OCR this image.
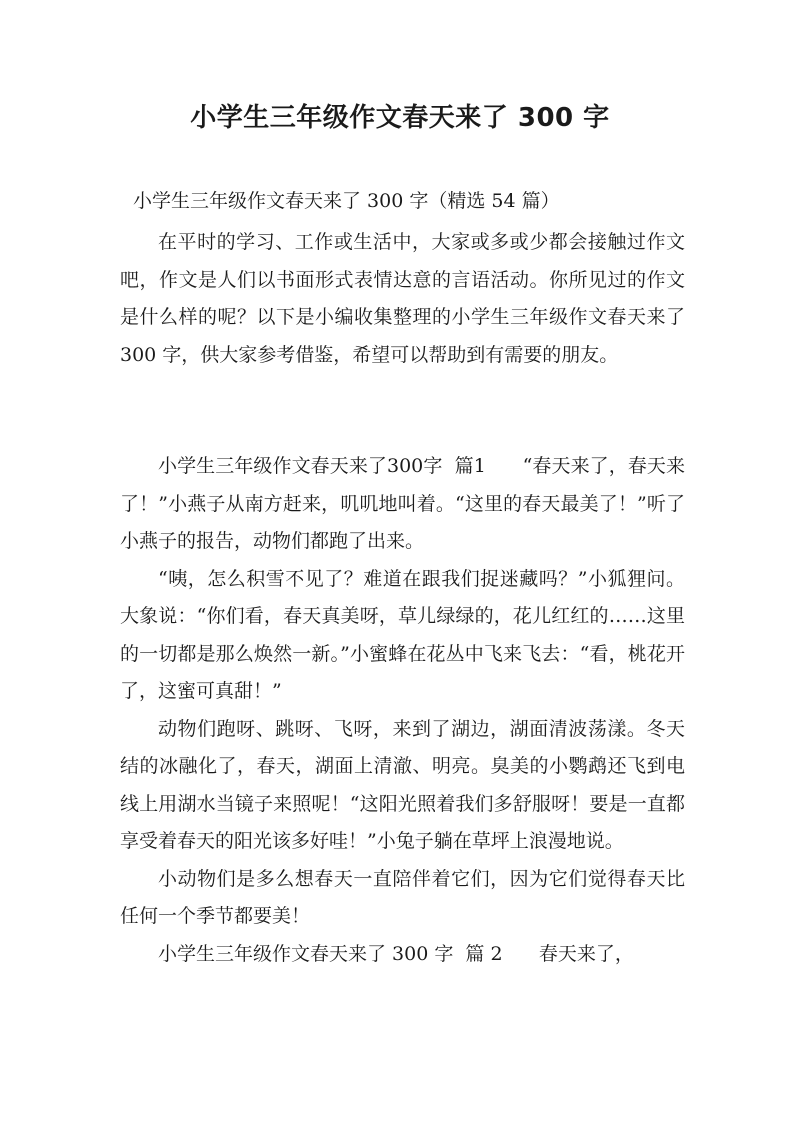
小学生三年级作文春天来了 300 字
小学生三年级作文春天来了 300 字（精选 54 篇）

在平时的学习、工作或生活中，大家或多或少都会接触过作文吧，作文是人们以书面形式表情达意的言语活动。你所见过的作文是什么样的呢？以下是小编收集整理的小学生三年级作文春天来了 300 字，供大家参考借鉴，希望可以帮助到有需要的朋友。

小学生三年级作文春天来了300字  篇1 “春天来了，春天来了！”小燕子从南方赶来，叽叽地叫着。“这里的春天最美了！”听了小燕子的报告，动物们都跑了出来。

“咦，怎么积雪不见了？难道在跟我们捉迷藏吗？”小狐狸问。大象说：“你们看，春天真美呀，草儿绿绿的，花儿红红的……这里的一切都是那么焕然一新。”小蜜蜂在花丛中飞来飞去：“看，桃花开了，这蜜可真甜！”

动物们跑呀、跳呀、飞呀，来到了湖边，湖面清波荡漾。冬天结的冰融化了，春天，湖面上清澈、明亮。臭美的小鹦鹉还飞到电线上用湖水当镜子来照呢！“这阳光照着我们多舒服呀！要是一直都享受着春天的阳光该多好哇！”小兔子躺在草坪上浪漫地说。

小动物们是多么想春天一直陪伴着它们，因为它们觉得春天比任何一个季节都要美！

小学生三年级作文春天来了 300 字  篇 2 春天来了，
